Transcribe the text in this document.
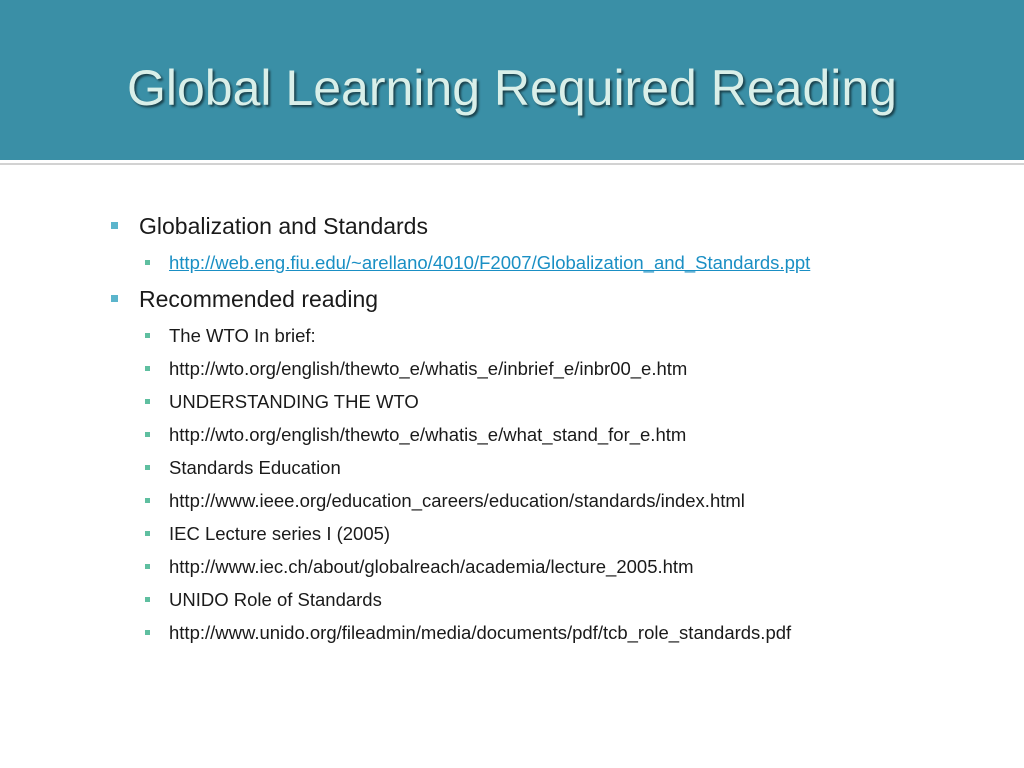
Global Learning Required Reading
Globalization and Standards
http://web.eng.fiu.edu/~arellano/4010/F2007/Globalization_and_Standards.ppt
Recommended reading
The WTO In brief:
http://wto.org/english/thewto_e/whatis_e/inbrief_e/inbr00_e.htm
UNDERSTANDING THE WTO
http://wto.org/english/thewto_e/whatis_e/what_stand_for_e.htm
Standards Education
http://www.ieee.org/education_careers/education/standards/index.html
IEC Lecture series I (2005)
http://www.iec.ch/about/globalreach/academia/lecture_2005.htm
UNIDO Role of Standards
http://www.unido.org/fileadmin/media/documents/pdf/tcb_role_standards.pdf
